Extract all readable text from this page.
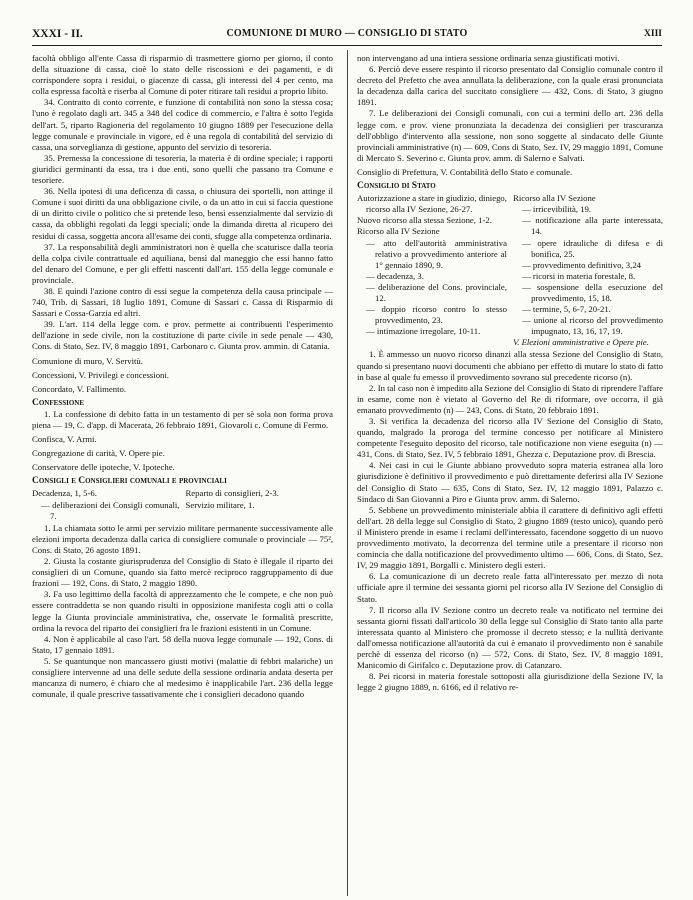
XXXI - II.	COMUNIONE DI MURO — CONSIGLIO DI STATO	XIII

facoltà obbligo all'ente Cassa di risparmio di trasmettere giorno per giorno, il conto della situazione di cassa, cioè lo stato delle riscossioni e dei pagamenti, e di corrispondere sopra i residui, o giacenze di cassa, gli interessi del 4 per cento, ma colla espressa facoltà e riserba al Comune di poter ritirare tali residui a proprio libito.

34. Contratto di conto corrente, e funzione di contabilità non sono la stessa cosa; l'uno è regolato dagli art. 345 a 348 del codice di commercio, e l'altra è sotto l'egida dell'art. 5, riparto Ragioneria del regolamento 10 giugno 1889 per l'esecuzione della legge comunale e provinciale in vigore, ed è una regola di contabilità del servizio di cassa, una sorveglianza di gestione, appunto del servizio di tesoreria.

35. Premessa la concessione di tesoreria, la materia è di ordine speciale; i rapporti giuridici germinanti da essa, tra i due enti, sono quelli che passano tra Comune e tesoriere.

36. Nella ipotesi di una deficenza di cassa, o chiusura dei sportelli, non attinge il Comune i suoi diritti da una obbligazione civile, o da un atto in cui si faccia questione di un diritto civile o politico che si pretende leso, bensì essenzialmente dal servizio di cassa, da obblighi regolati da leggi speciali; onde la dimanda diretta al ricupero dei residui di cassa, soggetta ancora all'esame dei conti, sfugge alla competenza ordinaria.

37. La responsabilità degli amministratori non è quella che scaturisce dalla teoria della colpa civile contrattuale ed aquiliana, bensì dal maneggio che essi hanno fatto del denaro del Comune, e per gli effetti nascenti dall'art. 155 della legge comunale e provinciale.

38. E quindi l'azione contro di essi segue la competenza della causa principale — 740, Trib. di Sassari, 18 luglio 1891, Comune di Sassari c. Cassa di Risparmio di Sassari e Cossa-Garzia ed altri.

39. L'art. 114 della legge com. e prov. permette ai contribuenti l'esperimento dell'azione in sede civile, non la costituzione di parte civile in sede penale — 430, Cons. di Stato, Sez. IV, 8 maggio 1891, Carbonaro c. Giunta prov. ammin. di Catania.

Comunione di muro, V. Servitù.

Concessioni, V. Privilegi e concessioni.

Concordato, V. Fallimento.

Confessione

1. La confessione di debito fatta in un testamento di per sè sola non forma prova piena — 19, C. d'app. di Macerata, 26 febbraio 1891, Giovaroli c. Comune di Fermo.

Confisca, V. Armi.

Congregazione di carità, V. Opere pie.

Conservatore delle ipoteche, V. Ipoteche.

Consigli e Consiglieri comunali e provinciali

Decadenza, 1, 5-6.

— deliberazioni dei Consigli comunali, 7.

Reparto di consiglieri, 2-3.

Servizio militare, 1.

1. La chiamata sotto le armi per servizio militare permanente successivamente alle elezioni importa decadenza dalla carica di consigliere comunale o provinciale — 75², Cons. di Stato, 26 agosto 1891.

2. Giusta la costante giurisprudenza del Consiglio di Stato è illegale il riparto dei consiglieri di un Comune, quando sia fatto mercè reciproco raggruppamento di due frazioni — 192, Cons. di Stato, 2 maggio 1890.

3. Fa uso legittimo della facoltà di apprezzamento che le compete, e che non può essere contraddetta se non quando risulti in opposizione manifesta cogli atti o colla legge la Giunta provinciale amministrativa, che, osservate le formalità prescritte, ordina la revoca del riparto dei consiglieri fra le frazioni esistenti in un Comune.

4. Non è applicabile al caso l'art. 58 della nuova legge comunale — 192, Cons. di Stato, 17 gennaio 1891.

5. Se quantunque non mancassero giusti motivi (malattie di febbri malariche) un consigliere intervenne ad una delle sedute della sessione ordinaria andata deserta per mancanza di numero, è chiaro che al medesimo è inapplicabile l'art. 236 della legge comunale, il quale prescrive tassativamente che i consiglieri decadono quando

non intervengano ad una intiera sessione ordinaria senza giustificati motivi.

6. Perciò deve essere respinto il ricorso presentato dal Consiglio comunale contro il decreto del Prefetto che avea annullata la deliberazione, con la quale erasi pronunciata la decadenza dalla carica del succitato consigliere — 432, Cons. di Stato, 3 giugno 1891.

7. Le deliberazioni dei Consigli comunali, con cui a termini dello art. 236 della legge com. e prov. viene pronunziata la decadenza dei consiglieri per trascuranza dell'obbligo d'intervento alla sessione, non sono soggette al sindacato delle Giunte provinciali amministrative (n) — 609, Cons di Stato, Sez. IV, 29 maggio 1891, Comune di Mercato S. Severino c. Giunta prov. amm. di Salerno e Salvati.

Consiglio di Prefettura, V. Contabilità dello Stato e comunale.

Consiglio di Stato

Autorizzazione a stare in giudizio, diniego, ricorso alla IV Sezione, 26-27.

Nuovo ricorso alla stessa Sezione, 1-2.

Ricorso alla IV Sezione

— atto dell'autorità amministrativa relativo a provvedimento anteriore al 1° gennaio 1890, 9.

— decadenza, 3.

— deliberazione del Cons. provinciale, 12.

— doppio ricorso contro lo stesso provvedimento, 23.

— intimazione irregolare, 10-11.

Ricorso alla IV Sezione

— irricevibilità, 19.

— notificazione alla parte interessata, 14.

— opere idrauliche di difesa e di bonifica, 25.

— provvedimento definitivo, 3,24

— ricorsi in materia forestale, 8.

— sospensione della esecuzione del provvedimento, 15, 18.

— termine, 5, 6-7, 20-21.

— unione al ricorso del provvedimento impugnato, 13, 16, 17, 19.

V. Elezioni amministrative e Opere pie.

1. È ammesso un nuovo ricorso dinanzi alla stessa Sezione del Consiglio di Stato, quando si presentano nuovi documenti che abbiano per effetto di mutare lo stato di fatto in base al quale fu emesso il provvedimento sovrano sul precedente ricorso (n).

2. In tal caso non è impedito alla Sezione del Consiglio di Stato di riprendere l'affare in esame, come non è vietato al Governo del Re di riformare, ove occorra, il già emanato provvedimento (n) — 243, Cons. di Stato, 20 febbraio 1891.

3. Si verifica la decadenza del ricorso alla IV Sezione del Consiglio di Stato, quando, malgrado la proroga del termine concesso per notificare al Ministero competente l'eseguito deposito del ricorso, tale notificazione non viene eseguita (n) — 431, Cons. di Stato, Sez. IV, 5 febbraio 1891, Ghezza c. Deputazione prov. di Brescia.

4. Nei casi in cui le Giunte abbiano provveduto sopra materia estranea alla loro giurisdizione è definitivo il provvedimento e può direttamente deferirsi alla IV Sezione del Consiglio di Stato — 635, Cons di Stato, Sez. IV, 12 maggio 1891, Palazzo c. Sindaco di San Giovanni a Piro e Giunta prov. amm. di Salerno.

5. Sebbene un provvedimento ministeriale abbia il carattere di definitivo agli effetti dell'art. 28 della legge sul Consiglio di Stato, 2 giugno 1889 (testo unico), quando però il Ministero prende in esame i reclami dell'interessato, facendone soggetto di un nuovo provvedimento motivato, la decorrenza del termine utile a presentare il ricorso non comincia che dalla notificazione del provvedimento ultimo — 606, Cons. di Stato, Sez. IV, 29 maggio 1891, Borgalli c. Ministero degli esteri.

6. La comunicazione di un decreto reale fatta all'interessato per mezzo di nota ufficiale apre il termine dei sessanta giorni pel ricorso alla IV Sezione del Consiglio di Stato.

7. Il ricorso alla IV Sezione contro un decreto reale va notificato nel termine dei sessanta giorni fissati dall'articolo 30 della legge sul Consiglio di Stato tanto alla parte interessata quanto al Ministero che promosse il decreto stesso; e la nullità derivante dall'omessa notificazione all'autorità da cui è emanato il provvedimento non è sanabile perchè di essenza del ricorso (n) — 572, Cons. di Stato, Sez. IV, 8 maggio 1891, Manicomio di Girifalco c. Deputazione prov. di Catanzaro.

8. Pei ricorsi in materia forestale sottoposti alla giurisdizione della Sezione IV, la legge 2 giugno 1889, n. 6166, ed il relativo re-
